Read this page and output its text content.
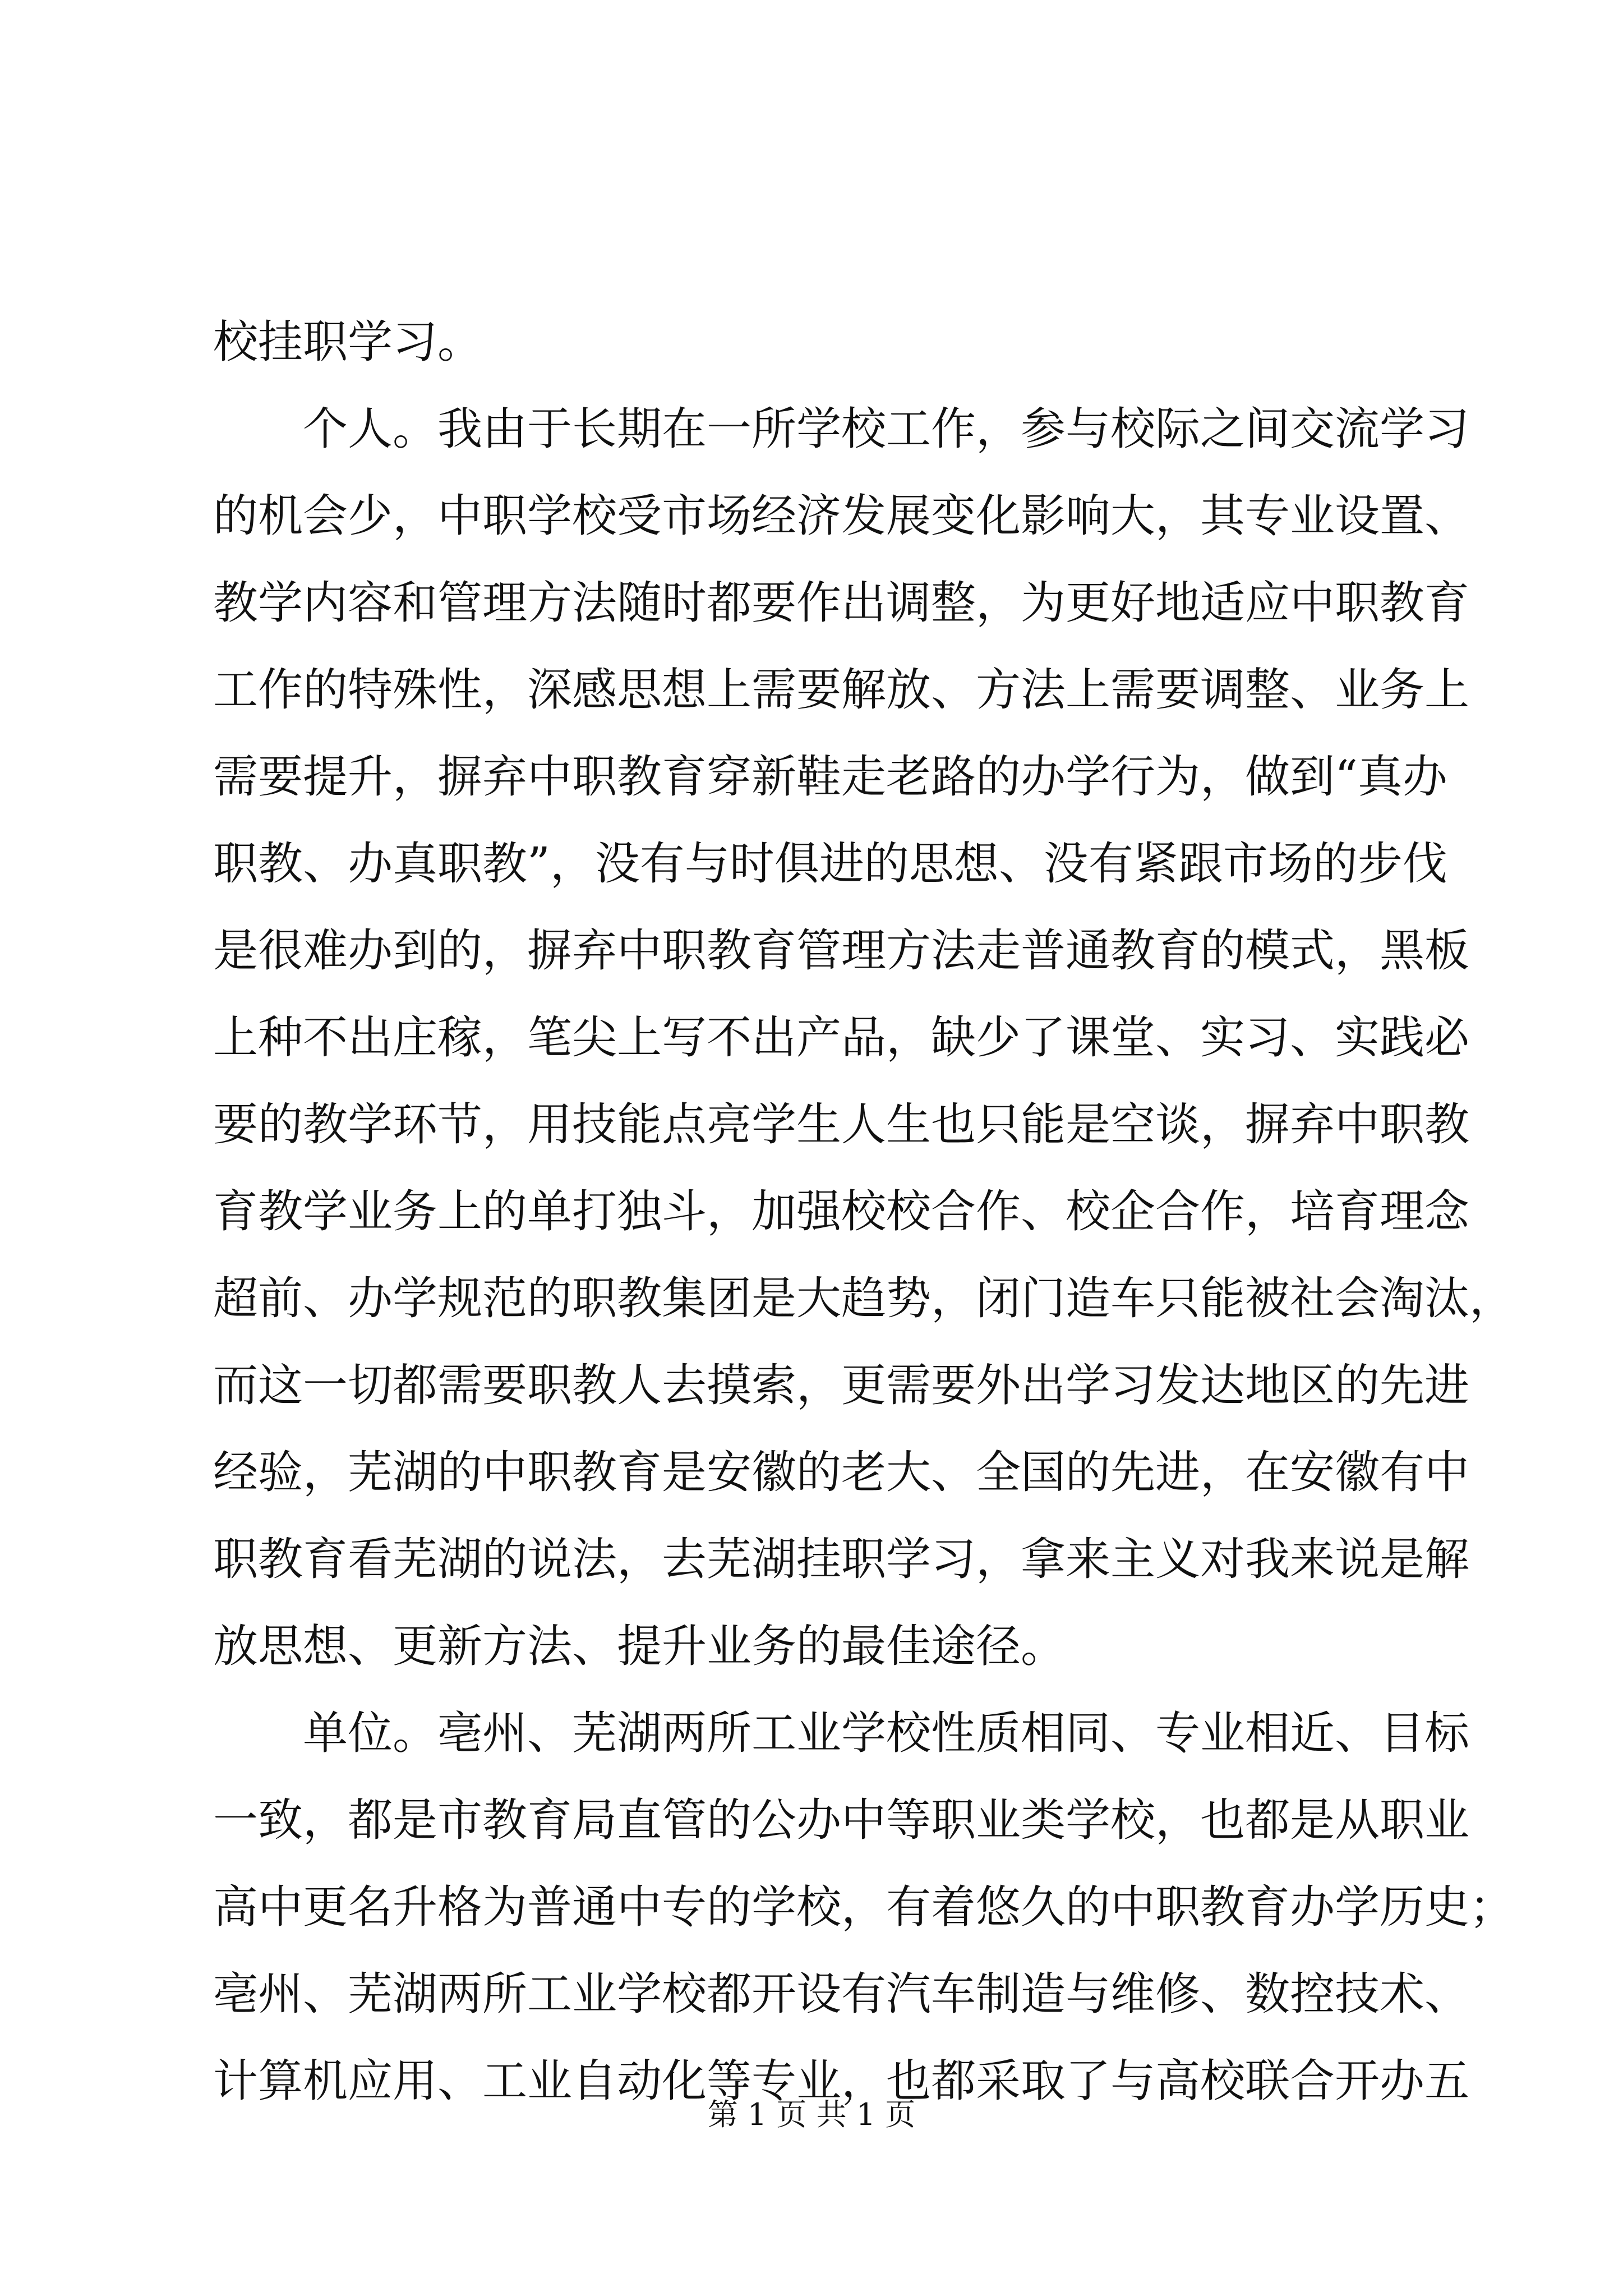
校挂职学习。
个人。我由于长期在一所学校工作，参与校际之间交流学习
的机会少，中职学校受市场经济发展变化影响大，其专业设置、
教学内容和管理方法随时都要作出调整，为更好地适应中职教育
工作的特殊性，深感思想上需要解放、方法上需要调整、业务上
需要提升，摒弃中职教育穿新鞋走老路的办学行为，做到“真办
职教、办真职教”，没有与时俱进的思想、没有紧跟市场的步伐
是很难办到的，摒弃中职教育管理方法走普通教育的模式，黑板
上种不出庄稼，笔尖上写不出产品，缺少了课堂、实习、实践必
要的教学环节，用技能点亮学生人生也只能是空谈，摒弃中职教
育教学业务上的单打独斗，加强校校合作、校企合作，培育理念
超前、办学规范的职教集团是大趋势，闭门造车只能被社会淘汰，
而这一切都需要职教人去摸索，更需要外出学习发达地区的先进
经验，芜湖的中职教育是安徽的老大、全国的先进，在安徽有中
职教育看芜湖的说法，去芜湖挂职学习，拿来主义对我来说是解
放思想、更新方法、提升业务的最佳途径。
单位。亳州、芜湖两所工业学校性质相同、专业相近、目标
一致，都是市教育局直管的公办中等职业类学校，也都是从职业
高中更名升格为普通中专的学校，有着悠久的中职教育办学历史；
亳州、芜湖两所工业学校都开设有汽车制造与维修、数控技术、
计算机应用、工业自动化等专业，也都采取了与高校联合开办五
第 1 页 共 1 页
